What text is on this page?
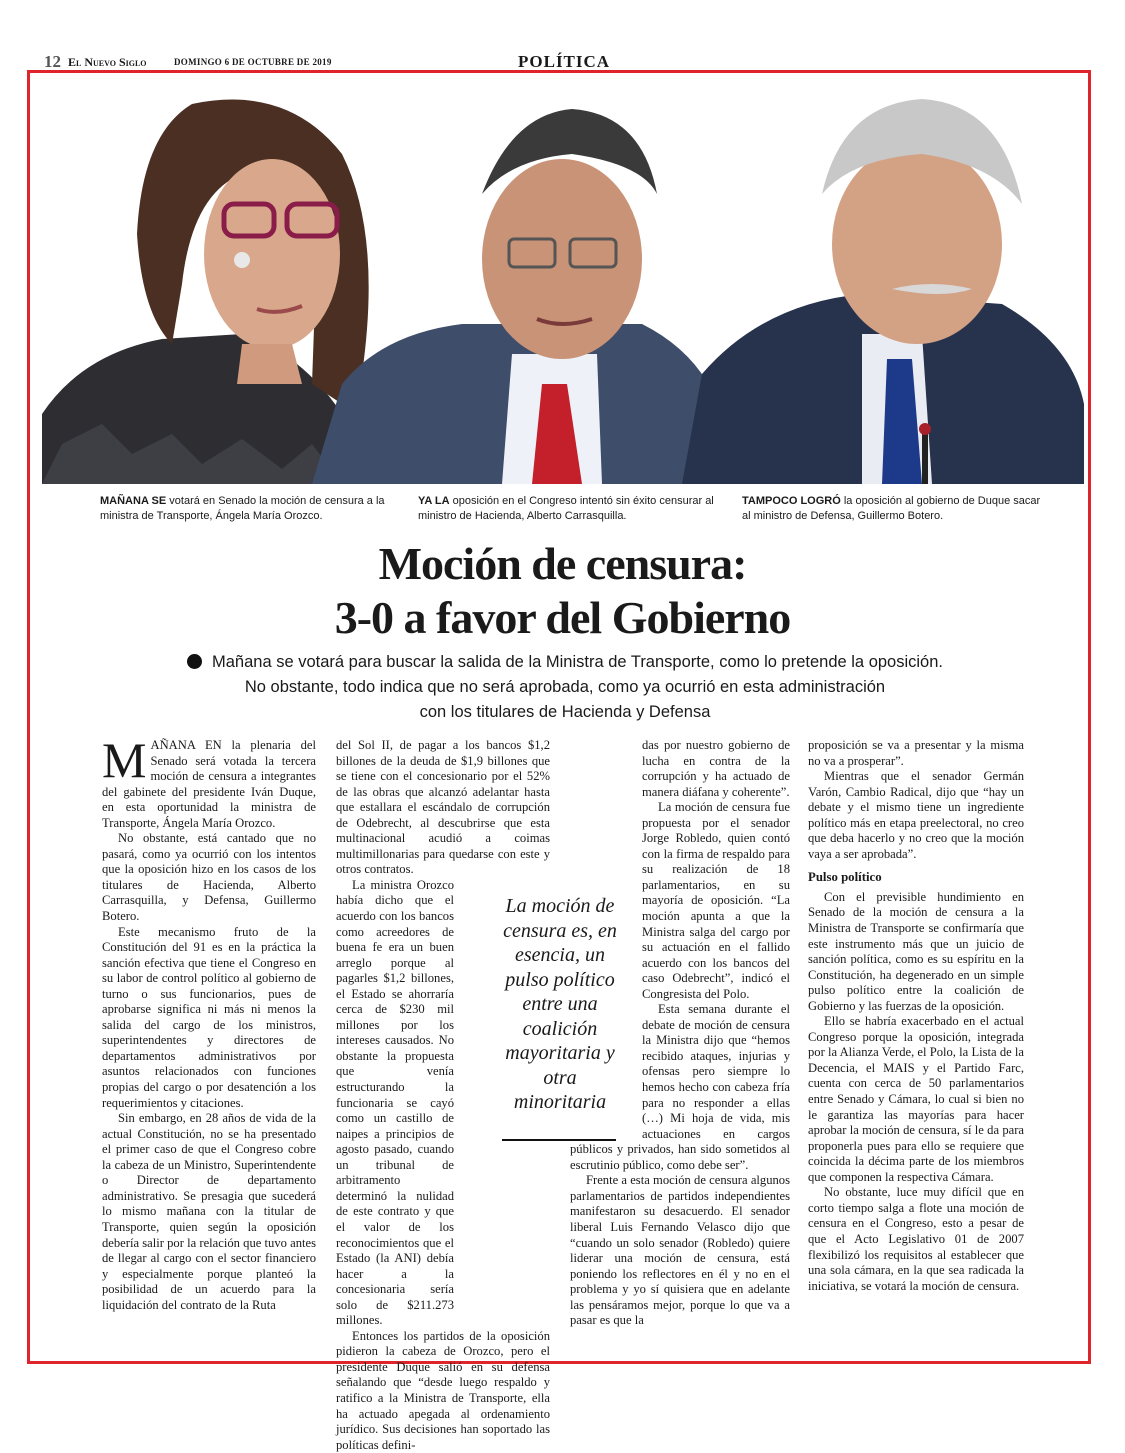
12 El Nuevo Siglo	DOMINGO 6 DE OCTUBRE DE 2019	POLÍTICA
MAÑANA SE votará en Senado la moción de censura a la ministra de Transporte, Ángela María Orozco.
YA LA oposición en el Congreso intentó sin éxito censurar al ministro de Hacienda, Alberto Carrasquilla.
TAMPOCO LOGRÓ la oposición al gobierno de Duque sacar al ministro de Defensa, Guillermo Botero.
Moción de censura:
3-0 a favor del Gobierno
Mañana se votará para buscar la salida de la Ministra de Transporte, como lo pretende la oposición.
No obstante, todo indica que no será aprobada, como ya ocurrió en esta administración
con los titulares de Hacienda y Defensa

MAÑANA EN la plenaria del Senado será votada la tercera moción de censura a integrantes del gabinete del presidente Iván Duque, en esta oportunidad la ministra de Transporte, Ángela María Orozco.

No obstante, está cantado que no pasará, como ya ocurrió con los intentos que la oposición hizo en los casos de los titulares de Hacienda, Alberto Carrasquilla, y Defensa, Guillermo Botero.

Este mecanismo fruto de la Constitución del 91 es en la práctica la sanción efectiva que tiene el Congreso en su labor de control político al gobierno de turno o sus funcionarios, pues de aprobarse significa ni más ni menos la salida del cargo de los ministros, superintendentes y directores de departamentos administrativos por asuntos relacionados con funciones propias del cargo o por desatención a los requerimientos y citaciones.

Sin embargo, en 28 años de vida de la actual Constitución, no se ha presentado el primer caso de que el Congreso cobre la cabeza de un Ministro, Superintendente o Director de departamento administrativo. Se presagia que sucederá lo mismo mañana con la titular de Transporte, quien según la oposición debería salir por la relación que tuvo antes de llegar al cargo con el sector financiero y especialmente porque planteó la posibilidad de un acuerdo para la liquidación del contrato de la Ruta

del Sol II, de pagar a los bancos $1,2 billones de la deuda de $1,9 billones que se tiene con el concesionario por el 52% de las obras que alcanzó adelantar hasta que estallara el escándalo de corrupción de Odebrecht, al descubrirse que esta multinacional acudió a coimas multimillonarias para quedarse con este y otros contratos.

La ministra Orozco había dicho que el acuerdo con los bancos como acreedores de buena fe era un buen arreglo porque al pagarles $1,2 billones, el Estado se ahorraría cerca de $230 mil millones por los intereses causados. No obstante la propuesta que venía estructurando la funcionaria se cayó como un castillo de naipes a principios de agosto pasado, cuando un tribunal de arbitramento determinó la nulidad de este contrato y que el valor de los reconocimientos que el Estado (la ANI) debía hacer a la concesionaria sería solo de $211.273 millones.

Entonces los partidos de la oposición pidieron la cabeza de Orozco, pero el presidente Duque salió en su defensa señalando que “desde luego respaldo y ratifico a la Ministra de Transporte, ella ha actuado apegada al ordenamiento jurídico. Sus decisiones han soportado las políticas defini-

das por nuestro gobierno de lucha en contra de la corrupción y ha actuado de manera diáfana y coherente”.

La moción de censura fue propuesta por el senador Jorge Robledo, quien contó con la firma de respaldo para su realización de 18 parlamentarios, en su mayoría de oposición. “La moción apunta a que la Ministra salga del cargo por su actuación en el fallido acuerdo con los bancos del caso Odebrecht”, indicó el Congresista del Polo.

Esta semana durante el debate de moción de censura la Ministra dijo que “hemos recibido ataques, injurias y ofensas pero siempre lo hemos hecho con cabeza fría para no responder a ellas (…) Mi hoja de vida, mis actuaciones en cargos públicos y privados, han sido sometidos al escrutinio público, como debe ser”.

Frente a esta moción de censura algunos parlamentarios de partidos independientes manifestaron su desacuerdo. El senador liberal Luis Fernando Velasco dijo que “cuando un solo senador (Robledo) quiere liderar una moción de censura, está poniendo los reflectores en él y no en el problema y yo sí quisiera que en adelante las pensáramos mejor, porque lo que va a pasar es que la

proposición se va a presentar y la misma no va a prosperar”.

Mientras que el senador Germán Varón, Cambio Radical, dijo que “hay un debate y el mismo tiene un ingrediente político más en etapa preelectoral, no creo que deba hacerlo y no creo que la moción vaya a ser aprobada”.

Pulso político

Con el previsible hundimiento en Senado de la moción de censura a la Ministra de Transporte se confirmaría que este instrumento más que un juicio de sanción política, como es su espíritu en la Constitución, ha degenerado en un simple pulso político entre la coalición de Gobierno y las fuerzas de la oposición.

Ello se habría exacerbado en el actual Congreso porque la oposición, integrada por la Alianza Verde, el Polo, la Lista de la Decencia, el MAIS y el Partido Farc, cuenta con cerca de 50 parlamentarios entre Senado y Cámara, lo cual si bien no le garantiza las mayorías para hacer aprobar la moción de censura, sí le da para proponerla pues para ello se requiere que coincida la décima parte de los miembros que componen la respectiva Cámara.

No obstante, luce muy difícil que en corto tiempo salga a flote una moción de censura en el Congreso, esto a pesar de que el Acto Legislativo 01 de 2007 flexibilizó los requisitos al establecer que una sola cámara, en la que sea radicada la iniciativa, se votará la moción de censura.

La moción de censura es, en esencia, un pulso político entre una coalición mayoritaria y otra minoritaria
